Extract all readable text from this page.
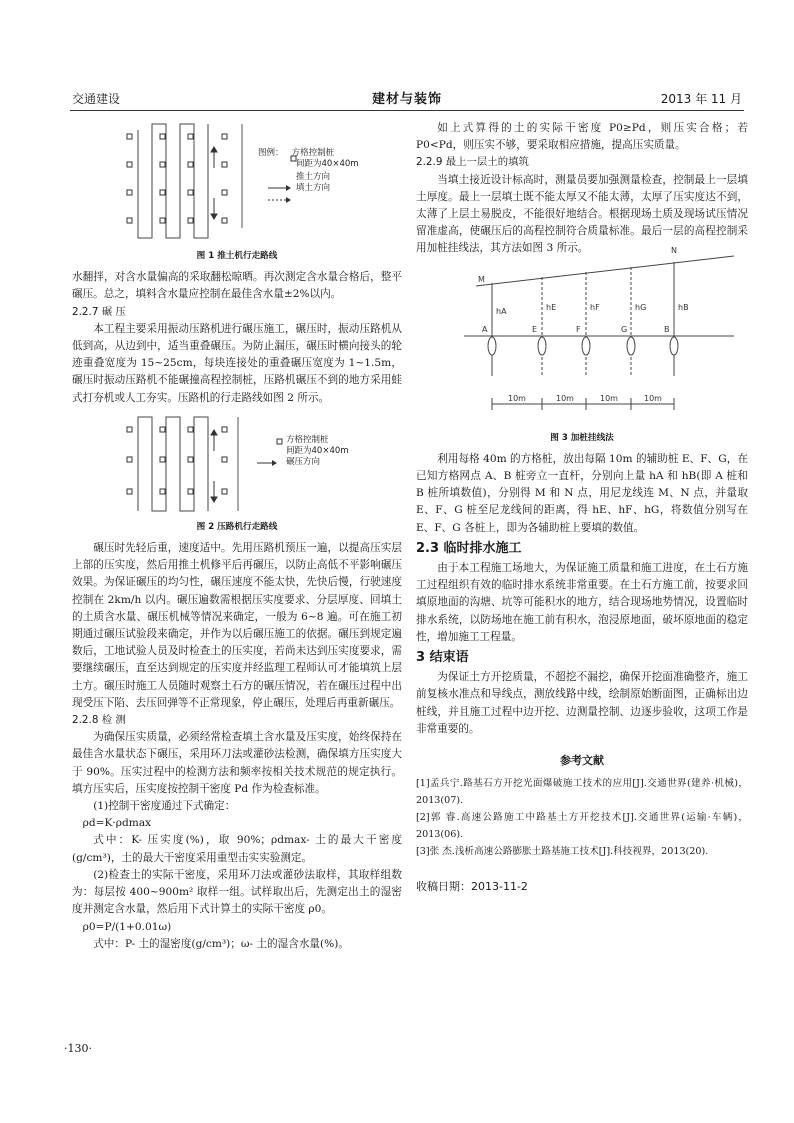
交通建设	建材与装饰	2013 年 11 月
图例： 方格控制桩
间距为40×40m
推土方向
填土方向
图 1 推土机行走路线

水翻拌，对含水量偏高的采取翻松晾晒。再次测定含水量合格后，整平碾压。总之，填料含水量应控制在最佳含水量±2%以内。

2.2.7 碾 压

本工程主要采用振动压路机进行碾压施工，碾压时，振动压路机从低到高，从边到中，适当重叠碾压。为防止漏压，碾压时横向接头的轮迹重叠宽度为 15~25cm，每块连接处的重叠碾压宽度为 1~1.5m，碾压时振动压路机不能碾撞高程控制桩，压路机碾压不到的地方采用蛙式打夯机或人工夯实。压路机的行走路线如图 2 所示。

方格控制桩
间距为40×40m
碾压方向
图 2 压路机行走路线

碾压时先轻后重，速度适中。先用压路机预压一遍，以提高压实层上部的压实度，然后用推土机修平后再碾压，以防止高低不平影响碾压效果。为保证碾压的均匀性，碾压速度不能太快，先快后慢，行驶速度控制在 2km/h 以内。碾压遍数需根据压实度要求、分层厚度、回填土的土质含水量、碾压机械等情况来确定，一般为 6~8 遍。可在施工初期通过碾压试验段来确定，并作为以后碾压施工的依据。碾压到规定遍数后，工地试验人员及时检查土的压实度，若尚未达到压实度要求，需要继续碾压，直至达到规定的压实度并经监理工程师认可才能填筑上层土方。碾压时施工人员随时观察土石方的碾压情况，若在碾压过程中出现受压下陷、去压回弹等不正常现象，停止碾压，处理后再重新碾压。

2.2.8 检 测

为确保压实质量，必须经常检查填土含水量及压实度，始终保持在最佳含水量状态下碾压，采用环刀法或灌砂法检测，确保填方压实度大于 90%。压实过程中的检测方法和频率按相关技术规范的规定执行。填方压实后，压实度按控制干密度 Pd 作为检查标准。

(1)控制干密度通过下式确定：

ρd=K·ρdmax

式中：K- 压实度(%)，取 90%；ρdmax- 土的最大干密度(g/cm³)，土的最大干密度采用重型击实实验测定。

(2)检查土的实际干密度，采用环刀法或灌砂法取样，其取样组数为：每层按 400~900m² 取样一组。试样取出后，先测定出土的湿密度并测定含水量，然后用下式计算土的实际干密度 ρ0。

ρ0=P/(1+0.01ω)

式中：P- 土的湿密度(g/cm³)；ω- 土的湿含水量(%)。

如上式算得的土的实际干密度 P0≥Pd，则压实合格；若 P0<Pd，则压实不够，要采取相应措施，提高压实质量。

2.2.9 最上一层土的填筑

当填土接近设计标高时，测量员要加强测量检查，控制最上一层填土厚度。最上一层填土既不能太厚又不能太薄，太厚了压实度达不到，太薄了上层土易脱皮，不能很好地结合。根据现场土质及现场试压情况留准虚高，使碾压后的高程控制符合质量标准。最后一层的高程控制采用加桩挂线法，其方法如图 3 所示。

M
N
hA	hE	hF	hG	hB
A	E	F	G	B
10m	10m	10m	10m
图 3 加桩挂线法

利用每格 40m 的方格桩，放出每隔 10m 的辅助桩 E、F、G，在已知方格网点 A、B 桩旁立一直杆，分别向上量 hA 和 hB(即 A 桩和 B 桩所填数值)，分别得 M 和 N 点，用尼龙线连 M、N 点，并量取 E、F、G 桩至尼龙线间的距离，得 hE、hF、hG，将数值分别写在 E、F、G 各桩上，即为各辅助桩上要填的数值。

2.3 临时排水施工

由于本工程施工场地大，为保证施工质量和施工进度，在土石方施工过程组织有效的临时排水系统非常重要。在土石方施工前，按要求回填原地面的沟塘、坑等可能积水的地方，结合现场地势情况，设置临时排水系统，以防场地在施工前有积水，泡浸原地面，破坏原地面的稳定性，增加施工工程量。

3 结束语

为保证土方开挖质量，不超挖不漏挖，确保开挖面准确整齐，施工前复核水准点和导线点，测放线路中线，绘制原始断面图，正确标出边桩线，并且施工过程中边开挖、边测量控制、边逐步验收，这项工作是非常重要的。

参考文献

[1]孟兵宁.路基石方开挖光面爆破施工技术的应用[J].交通世界(建养·机械)，2013(07).

[2]郭 睿.高速公路施工中路基土方开挖技术[J].交通世界(运输·车辆)，2013(06).

[3]张 杰.浅析高速公路膨胀土路基施工技术[J].科技视界，2013(20).

收稿日期：2013-11-2
·130·
